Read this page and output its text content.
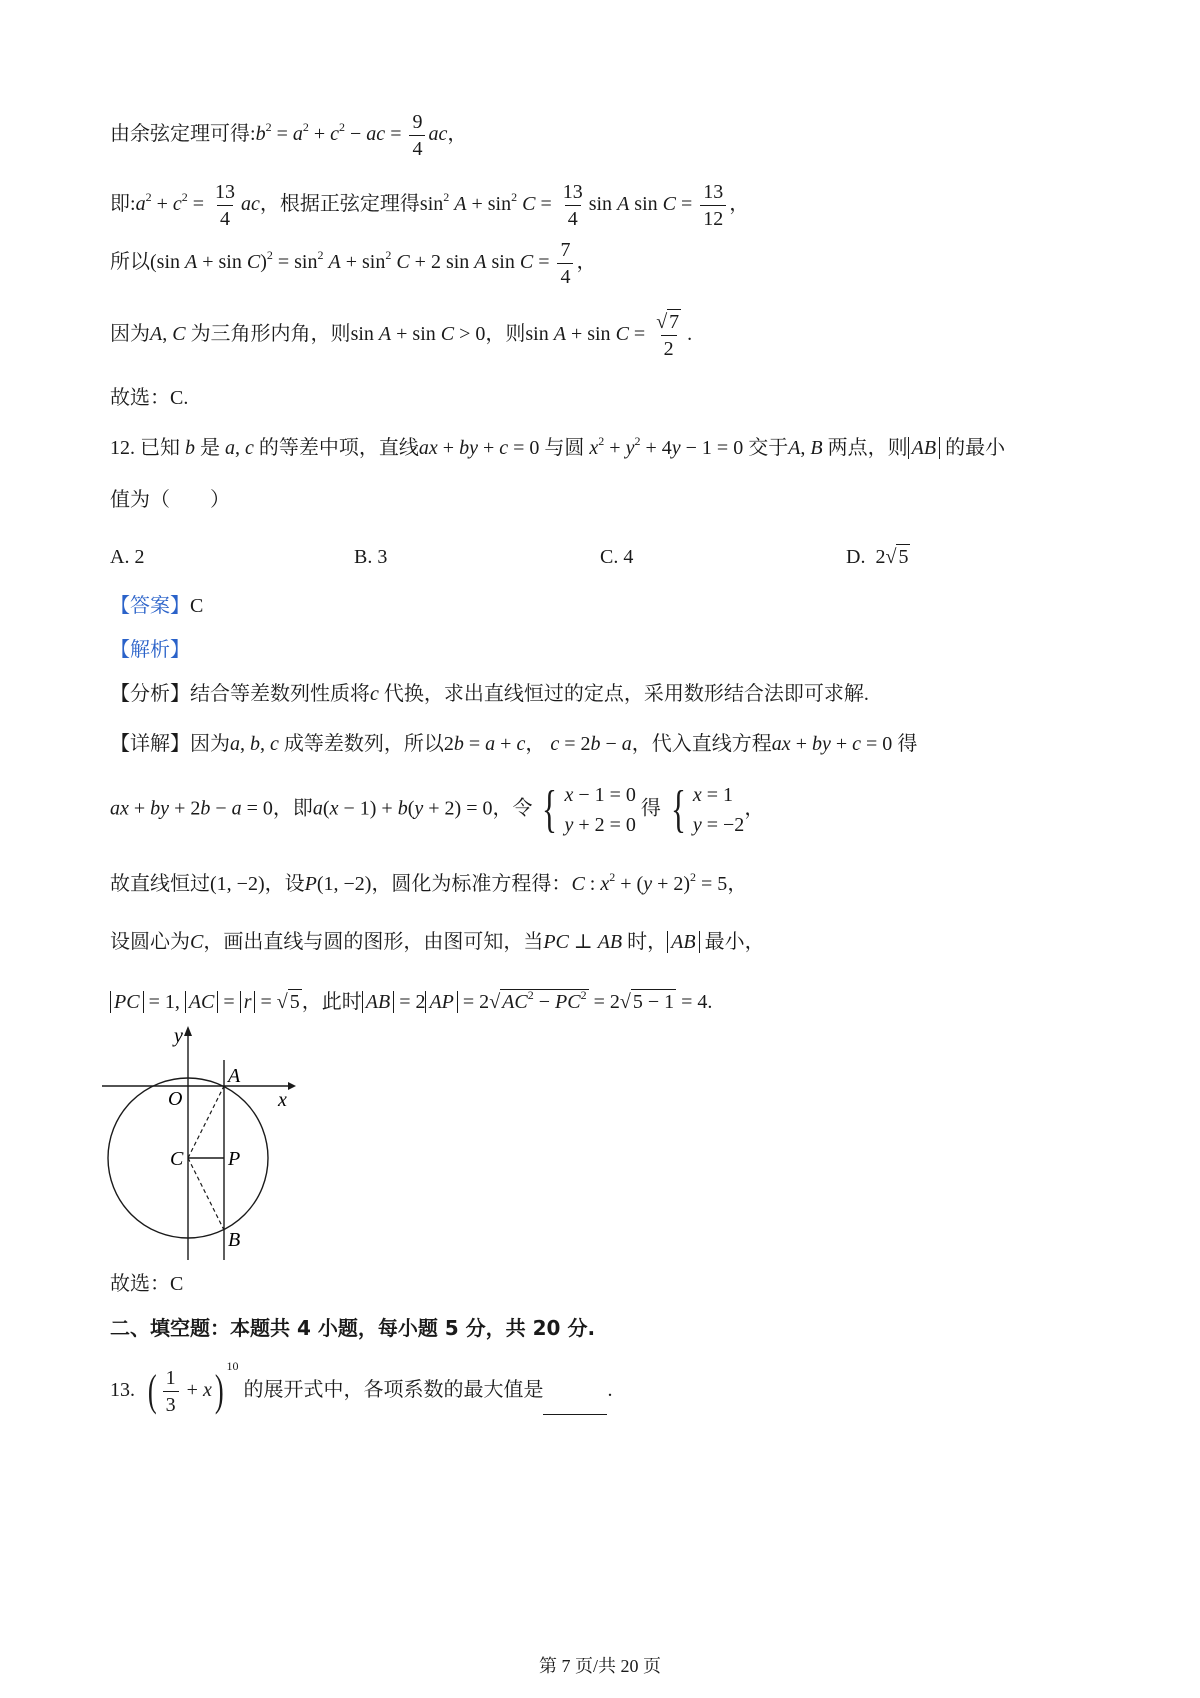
由余弦定理可得$:b^2 = a^2 + c^2$ − ac = $\frac{9}{4}$ ac，
即$:a^2 + c^2 = \frac{13}{4}$ ac，根据正弦定理得$\sin^2 A + \sin^2 C = \frac{13}{4}$ sin A $\sin C = \frac{13}{12}$ ，
所以(sin $A + \sin C)^2 = \sin^2 A + \sin^2 C + 2$ sin A $\sin C = \frac{7}{4}$ ，
因为A, C 为三角形内角，则sin A + sin C > 0，则$\sin A + \sin C = \frac{√ 7}{2}$ .
故选：C.
12. 已知 b 是 a, c 的等差中项，直线ax + by + c = 0 与圆 $x^2 + y^2 + 4y - 1 = 0$ 交于A, B 两点，则 AB 的最小
值为（　　）
A. 2	B. 3	C. 4	D.  2√ 5
【答案】C
【解析】
【分析】结合等差数列性质将c 代换，求出直线恒过的定点，采用数形结合法即可求解.
【详解】因为a, b, c 成等差数列，所以2b = a + c， c = 2b − a，代入直线方程ax + by + c = 0 得
ax + by + 2b − a = 0，即a(x − 1) + b(y + 2) = 0，令 { x − 1 = 0
y + 2 = 0
得 { x = 1
y = −2
，
故直线恒过(1, −2)，设P(1, −2)，圆化为标准方程得：C : $x^2 + (y + 2)^2 = 5$，
设圆心为C，画出直线与圆的图形，由图可知，当PC ⊥ AB 时， AB 最小，
PC = 1, AC = r = √ 5 ，此时 AB = 2 AP = 2√ $AC^2 - PC^2 = 2√$ 5 − 1 = 4.
y
x
O
A
C P
B
故选：C
二、填空题：本题共 4 小题，每小题 5 分，共 20 分.
13. ( $\frac{1}{3} + x)^{10}$ 的展开式中，各项系数的最大值是	.
第 7 页/共 20 页
